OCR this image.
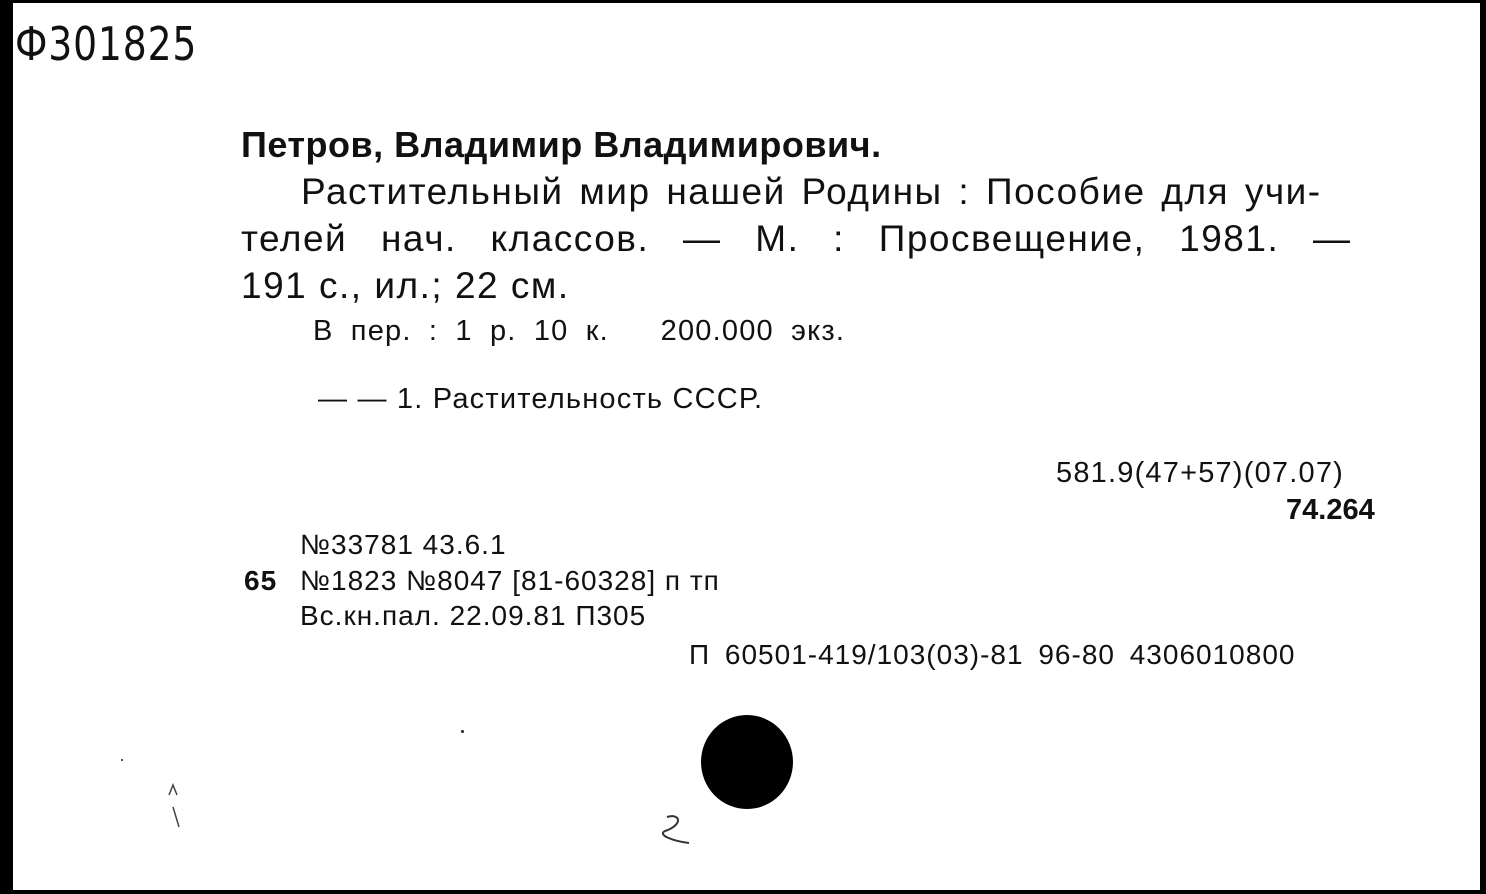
Ф301825
Петров, Владимир Владимирович.
Растительный мир нашей Родины : Пособие для учи-
телей нач. классов. — М. : Просвещение, 1981. —
191 с., ил.; 22 см.
В пер. : 1 р. 10 к.   200.000 экз.
— — 1. Растительность СССР.
581.9(47+57)(07.07)
74.264
№33781 43.6.1
65 №1823 №8047 [81-60328] п тп
Вс.кн.пал. 22.09.81 П305
П 60501-419/103(03)-81 96-80 4306010800
